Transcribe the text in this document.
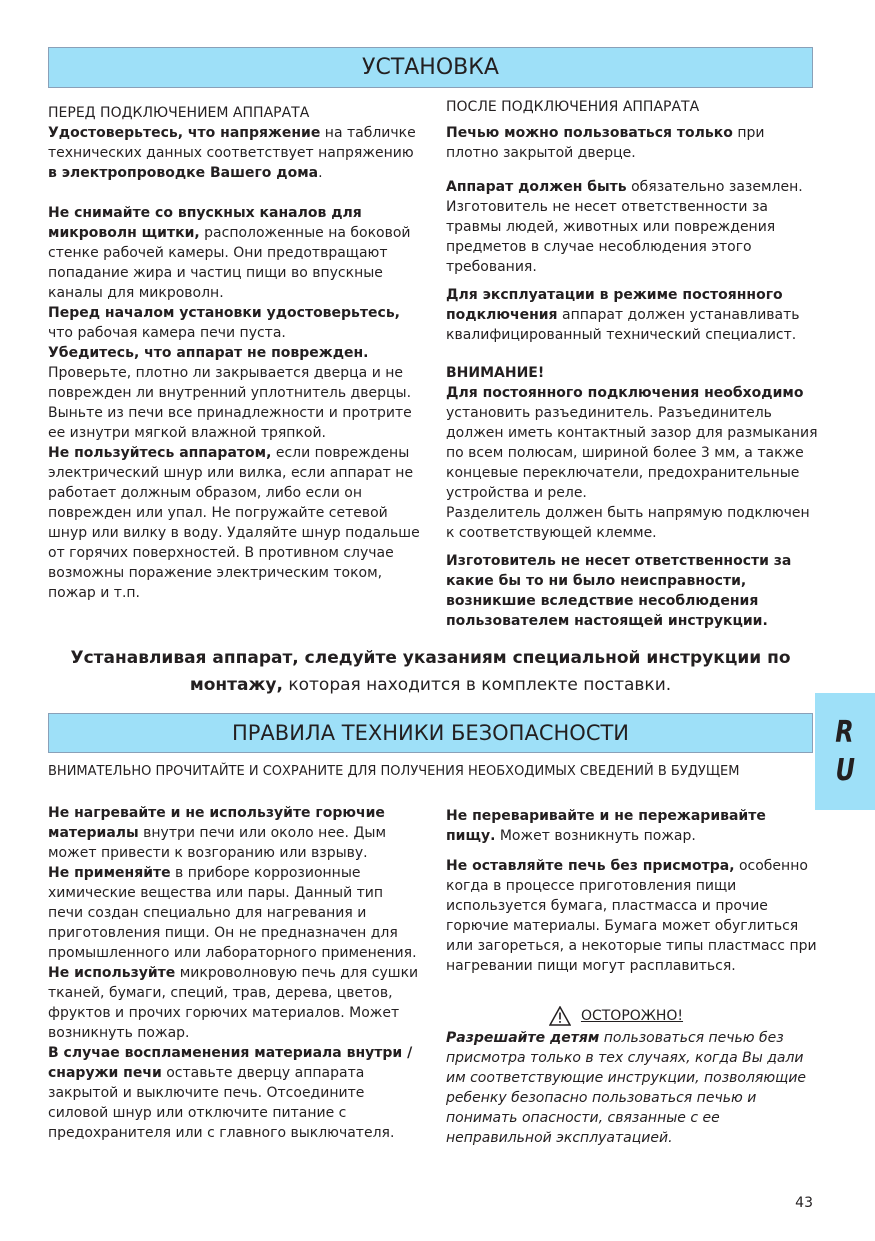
УСТАНОВКА
ПЕРЕД ПОДКЛЮЧЕНИЕМ АППАРАТА

Удостоверьтесь, что напряжение на табличке технических данных соответствует напряжению в электропроводке Вашего дома.

Не снимайте со впускных каналов для микроволн щитки, расположенные на боковой стенке рабочей камеры. Они предотвращают попадание жира и частиц пищи во впускные каналы для микроволн.

Перед началом установки удостоверьтесь, что рабочая камера печи пуста.

Убедитесь, что аппарат не поврежден. Проверьте, плотно ли закрывается дверца и не поврежден ли внутренний уплотнитель дверцы. Выньте из печи все принадлежности и протрите ее изнутри мягкой влажной тряпкой.

Не пользуйтесь аппаратом, если повреждены электрический шнур или вилка, если аппарат не работает должным образом, либо если он поврежден или упал. Не погружайте сетевой шнур или вилку в воду. Удаляйте шнур подальше от горячих поверхностей. В противном случае возможны поражение электрическим током, пожар и т.п.

ПОСЛЕ ПОДКЛЮЧЕНИЯ АППАРАТА

Печью можно пользоваться только при плотно закрытой дверце.

Аппарат должен быть обязательно заземлен. Изготовитель не несет ответственности за травмы людей, животных или повреждения предметов в случае несоблюдения этого требования.

Для эксплуатации в режиме постоянного подключения аппарат должен устанавливать квалифицированный технический специалист.

ВНИМАНИЕ!

Для постоянного подключения необходимо установить разъединитель. Разъединитель должен иметь контактный зазор для размыкания по всем полюсам, шириной более 3 мм, а также концевые переключатели, предохранительные устройства и реле.

Разделитель должен быть напрямую подключен к соответствующей клемме.

Изготовитель не несет ответственности за какие бы то ни было неисправности, возникшие вследствие несоблюдения пользователем настоящей инструкции.

Устанавливая аппарат, следуйте указаниям специальной инструкции по монтажу, которая находится в комплекте поставки.
R
U
ПРАВИЛА ТЕХНИКИ БЕЗОПАСНОСТИ
ВНИМАТЕЛЬНО ПРОЧИТАЙТЕ И СОХРАНИТЕ ДЛЯ ПОЛУЧЕНИЯ НЕОБХОДИМЫХ СВЕДЕНИЙ В БУДУЩЕМ

Не нагревайте и не используйте горючие материалы внутри печи или около нее. Дым может привести к возгоранию или взрыву.

Не применяйте в приборе коррозионные химические вещества или пары. Данный тип печи создан специально для нагревания и приготовления пищи. Он не предназначен для промышленного или лабораторного применения.

Не используйте микроволновую печь для сушки тканей, бумаги, специй, трав, дерева, цветов, фруктов и прочих горючих материалов. Может возникнуть пожар.

В случае воспламенения материала внутри / снаружи печи оставьте дверцу аппарата закрытой и выключите печь. Отсоедините силовой шнур или отключите питание с предохранителя или с главного выключателя.

Не переваривайте и не пережаривайте пищу. Может возникнуть пожар.

Не оставляйте печь без присмотра, особенно когда в процессе приготовления пищи используется бумага, пластмасса и прочие горючие материалы. Бумага может обуглиться или загореться, а некоторые типы пластмасс при нагревании пищи могут расплавиться.

ОСТОРОЖНО!

Разрешайте детям пользоваться печью без присмотра только в тех случаях, когда Вы дали им соответствующие инструкции, позволяющие ребенку безопасно пользоваться печью и понимать опасности, связанные с ее неправильной эксплуатацией.

43
